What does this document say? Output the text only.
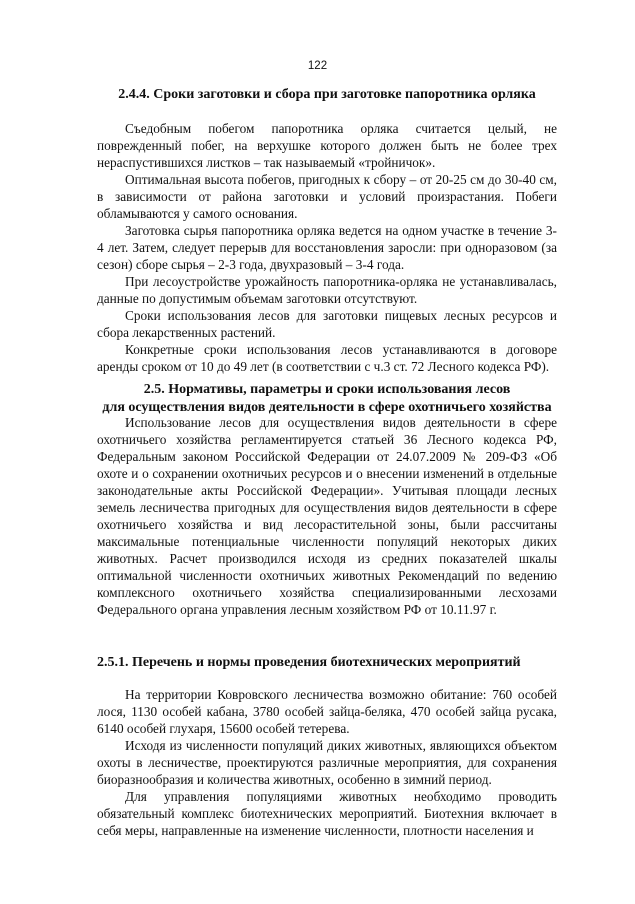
122
2.4.4. Сроки заготовки и сбора при заготовке папоротника орляка

Съедобным побегом папоротника орляка считается целый, не поврежденный побег, на верхушке которого должен быть не более трех нераспустившихся листков – так называемый «тройничок».

Оптимальная высота побегов, пригодных к сбору – от 20-25 см до 30-40 см, в зависимости от района заготовки и условий произрастания. Побеги обламываются у самого основания.

Заготовка сырья папоротника орляка ведется на одном участке в течение 3-4 лет. Затем, следует перерыв для восстановления заросли: при одноразовом (за сезон) сборе сырья – 2-3 года, двухразовый – 3-4 года.

При лесоустройстве урожайность папоротника-орляка не устанавливалась, данные по допустимым объемам заготовки отсутствуют.

Сроки использования лесов для заготовки пищевых лесных ресурсов и сбора лекарственных растений.

Конкретные сроки использования лесов устанавливаются в договоре аренды сроком от 10 до 49 лет (в соответствии с ч.3 ст. 72 Лесного кодекса РФ).

2.5. Нормативы, параметры и сроки использования лесов
для осуществления видов деятельности в сфере охотничьего хозяйства

Использование лесов для осуществления видов деятельности в сфере охотничьего хозяйства регламентируется статьей 36 Лесного кодекса РФ, Федеральным законом Российской Федерации от 24.07.2009 № 209-ФЗ «Об охоте и о сохранении охотничьих ресурсов и о внесении изменений в отдельные законодательные акты Российской Федерации». Учитывая площади лесных земель лесничества пригодных для осуществления видов деятельности в сфере охотничьего хозяйства и вид лесорастительной зоны, были рассчитаны максимальные потенциальные численности популяций некоторых диких животных. Расчет производился исходя из средних показателей шкалы оптимальной численности охотничьих животных Рекомендаций по ведению комплексного охотничьего хозяйства специализированными лесхозами Федерального органа управления лесным хозяйством РФ от 10.11.97 г.

2.5.1. Перечень и нормы проведения биотехнических мероприятий

На территории Ковровского лесничества возможно обитание: 760 особей лося, 1130 особей кабана, 3780 особей зайца-беляка, 470 особей зайца русака, 6140 особей глухаря, 15600 особей тетерева.

Исходя из численности популяций диких животных, являющихся объектом охоты в лесничестве, проектируются различные мероприятия, для сохранения биоразнообразия и количества животных, особенно в зимний период.

Для управления популяциями животных необходимо проводить обязательный комплекс биотехнических мероприятий. Биотехния включает в себя меры, направленные на изменение численности, плотности населения и
